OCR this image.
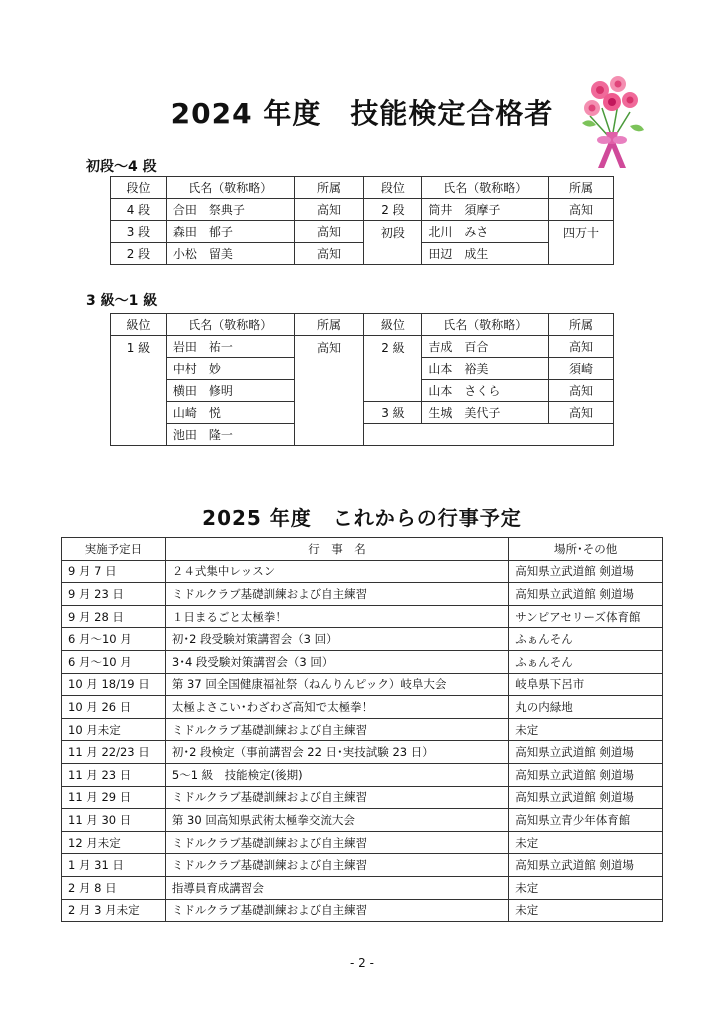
2024 年度　技能検定合格者
初段～4 段
段位	氏名（敬称略）	所属	段位	氏名（敬称略）	所属
4 段	合田　祭典子	高知	2 段	筒井　須摩子	高知
3 段	森田　郁子	高知	初段	北川　みさ	四万十
2 段	小松　留美	高知		田辺　成生	
3 級～1 級
級位	氏名（敬称略）	所属	級位	氏名（敬称略）	所属
1 級	岩田　祐一	高知	2 級	吉成　百合	高知
	中村　妙			山本　裕美	須崎
	横田　修明			山本　さくら	高知
	山崎　悦		3 級	生城　美代子	高知
	池田　隆一				
2025 年度　これからの行事予定
実施予定日	行　事　名	場所･その他
9 月 7 日	２４式集中レッスン	高知県立武道館 剣道場
9 月 23 日	ミドルクラブ基礎訓練および自主練習	高知県立武道館 剣道場
9 月 28 日	１日まるごと太極拳！	サンピアセリーズ体育館
6 月～10 月	初･2 段受験対策講習会（3 回）	ふぁんそん
6 月～10 月	3･4 段受験対策講習会（3 回）	ふぁんそん
10 月 18/19 日	第 37 回全国健康福祉祭（ねんりんピック）岐阜大会	岐阜県下呂市
10 月 26 日	太極よさこい･わざわざ高知で太極拳！	丸の内緑地
10 月未定	ミドルクラブ基礎訓練および自主練習	未定
11 月 22/23 日	初･2 段検定（事前講習会 22 日･実技試験 23 日）	高知県立武道館 剣道場
11 月 23 日	5～1 級　技能検定(後期)	高知県立武道館 剣道場
11 月 29 日	ミドルクラブ基礎訓練および自主練習	高知県立武道館 剣道場
11 月 30 日	第 30 回高知県武術太極拳交流大会	高知県立青少年体育館
12 月未定	ミドルクラブ基礎訓練および自主練習	未定
1 月 31 日	ミドルクラブ基礎訓練および自主練習	高知県立武道館 剣道場
2 月 8 日	指導員育成講習会	未定
2 月 3 月未定	ミドルクラブ基礎訓練および自主練習	未定
- 2 -
